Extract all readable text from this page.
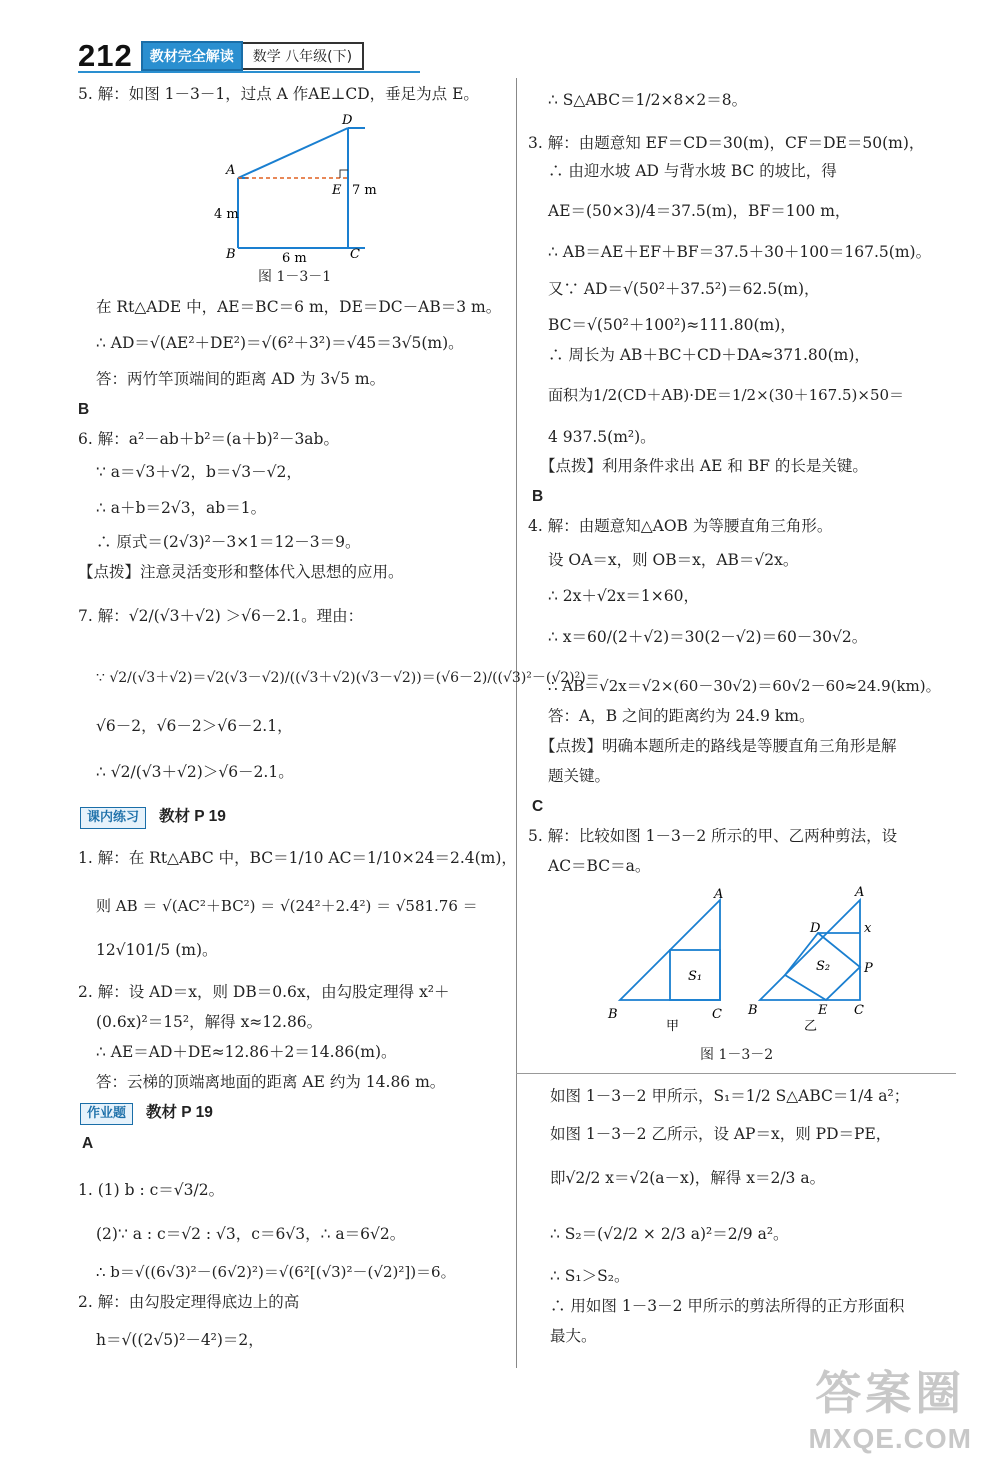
212	教材完全解读	数学 八年级(下)
5. 解：如图 1－3－1，过点 A 作AE⊥CD，垂足为点 E。
A
B	C
D
E
4 m
7 m
6 m
图 1－3－1
在 Rt△ADE 中，AE＝BC＝6 m，DE＝DC－AB＝3 m。
∴ AD＝√(AE²＋DE²)＝√(6²＋3²)＝√45＝3√5(m)。
答：两竹竿顶端间的距离 AD 为 3√5 m。
B
6. 解：a²－ab＋b²＝(a＋b)²－3ab。
∵ a＝√3＋√2，b＝√3－√2，
∴ a＋b＝2√3，ab＝1。
∴ 原式＝(2√3)²－3×1＝12－3＝9。
【点拨】注意灵活变形和整体代入思想的应用。
7. 解：√2/(√3＋√2) ＞√6－2.1。理由：
∵ √2/(√3＋√2)＝√2(√3－√2)/((√3＋√2)(√3－√2))＝(√6－2)/((√3)²－(√2)²)＝
√6－2，√6－2＞√6－2.1，
∴ √2/(√3＋√2)＞√6－2.1。
课内练习 教材 P 19
1. 解：在 Rt△ABC 中，BC＝1/10 AC＝1/10×24＝2.4(m)，
则 AB ＝ √(AC²＋BC²) ＝ √(24²＋2.4²) ＝ √581.76 ＝
12√101/5 (m)。
2. 解：设 AD＝x，则 DB＝0.6x，由勾股定理得 x²＋
(0.6x)²＝15²，解得 x≈12.86。
∴ AE＝AD＋DE≈12.86＋2＝14.86(m)。
答：云梯的顶端离地面的距离 AE 约为 14.86 m。
作业题 教材 P 19
A
1. (1) b : c＝√3/2。
(2)∵ a : c＝√2 : √3，c＝6√3，∴ a＝6√2。
∴ b＝√((6√3)²－(6√2)²)＝√(6²[(√3)²－(√2)²])＝6。
2. 解：由勾股定理得底边上的高
h＝√((2√5)²－4²)＝2，
∴ S△ABC＝1/2×8×2＝8。
3. 解：由题意知 EF＝CD＝30(m)，CF＝DE＝50(m)，
∴ 由迎水坡 AD 与背水坡 BC 的坡比，得
AE＝(50×3)/4＝37.5(m)，BF＝100 m，
∴ AB＝AE＋EF＋BF＝37.5＋30＋100＝167.5(m)。
又∵ AD＝√(50²＋37.5²)＝62.5(m)，
BC＝√(50²＋100²)≈111.80(m)，
∴ 周长为 AB＋BC＋CD＋DA≈371.80(m)，
面积为1/2(CD＋AB)·DE＝1/2×(30＋167.5)×50＝
4 937.5(m²)。
【点拨】利用条件求出 AE 和 BF 的长是关键。
B
4. 解：由题意知△AOB 为等腰直角三角形。
设 OA＝x，则 OB＝x，AB＝√2x。
∴ 2x＋√2x＝1×60，
∴ x＝60/(2＋√2)＝30(2－√2)＝60－30√2。
∴ AB＝√2x＝√2×(60－30√2)＝60√2－60≈24.9(km)。
答：A，B 之间的距离约为 24.9 km。
【点拨】明确本题所走的路线是等腰直角三角形是解
题关键。
C
5. 解：比较如图 1－3－2 所示的甲、乙两种剪法，设
AC＝BC＝a。
B	C
A
S₁
甲
B	C
A
D
E
P
x
S₂
乙
图 1－3－2
如图 1－3－2 甲所示，S₁＝1/2 S△ABC＝1/4 a²；
如图 1－3－2 乙所示，设 AP＝x，则 PD＝PE，
即√2/2 x＝√2(a－x)，解得 x＝2/3 a。
∴ S₂＝(√2/2 × 2/3 a)²＝2/9 a²。
∴ S₁＞S₂。
∴ 用如图 1－3－2 甲所示的剪法所得的正方形面积
最大。
答案圈
MXQE.COM
